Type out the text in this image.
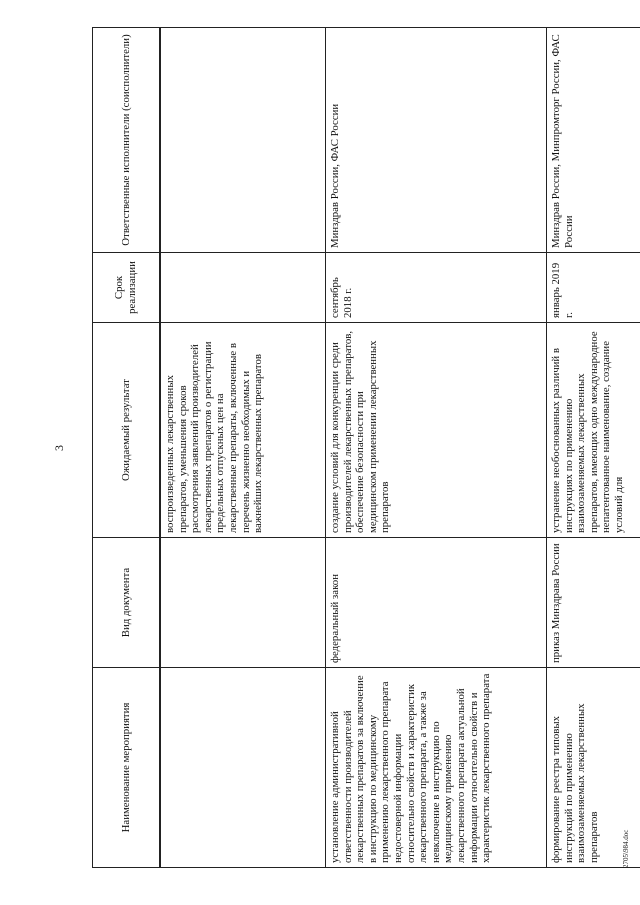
3
Наименование мероприятия	Вид документа	Ожидаемый результат	Срок реализации	Ответственные исполнители (соисполнители)
		воспроизведенных лекарственных препаратов, уменьшения сроков рассмотрения заявлений производителей лекарственных препаратов о регистрации предельных отпускных цен на лекарственные препараты, включенные в перечень жизненно необходимых и важнейших лекарственных препаратов		
установление административной ответственности производителей лекарственных препаратов за включение в инструкцию по медицинскому применению лекарственного препарата недостоверной информации относительно свойств и характеристик лекарственного препарата, а также за невключение в инструкцию по медицинскому применению лекарственного препарата актуальной информации относительно свойств и характеристик лекарственного препарата	федеральный закон	создание условий для конкуренции среди производителей лекарственных препаратов, обеспечение безопасности при медицинском применении лекарственных препаратов	сентябрь 2018 г.	Минздрав России, ФАС России
формирование реестра типовых инструкций по применению взаимозаменяемых лекарственных препаратов	приказ Минздрава России	устранение необоснованных различий в инструкциях по применению взаимозаменяемых лекарственных препаратов, имеющих одно международное непатентованное наименование, создание условий для	январь 2019 г.	Минздрав России, Минпромторг России, ФАС России
2705\984.doc
